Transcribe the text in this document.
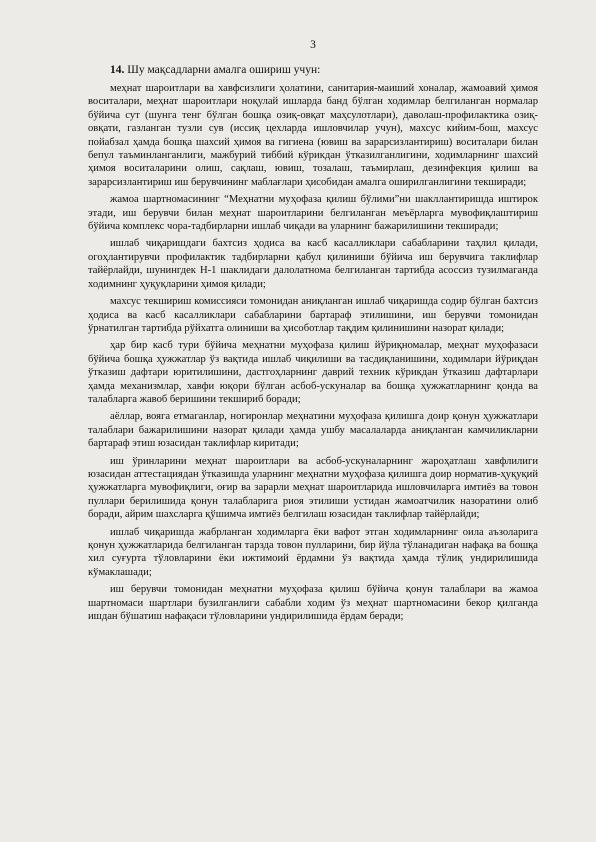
3

14. Шу мақсадларни амалга ошириш учун:

меҳнат шароитлари ва хавфсизлиги ҳолатини, санитария-маиший хоналар, жамоавий ҳимоя воситалари, меҳнат шароитлари ноқулай ишларда банд бўлган ходимлар белгиланган нормалар бўйича сут (шунга тенг бўлган бошқа озиқ-овқат маҳсулотлари), даволаш-профилактика озиқ-овқати, газланган тузли сув (иссиқ цехларда ишловчилар учун), махсус кийим-бош, махсус пойабзал ҳамда бошқа шахсий ҳимоя ва гигиена (ювиш ва зарарсизлантириш) воситалари билан бепул таъминланганлиги, мажбурий тиббий кўрикдан ўтказилганлигини, ходимларнинг шахсий ҳимоя воситаларини олиш, сақлаш, ювиш, тозалаш, таъмирлаш, дезинфекция қилиш ва зарарсизлантириш иш берувчининг маблағлари ҳисобидан амалга оширилганлигини текширади;

жамоа шартномасининг “Меҳнатни муҳофаза қилиш бўлими”ни шакллантиришда иштирок этади, иш берувчи билан меҳнат шароитларини белгиланган меъёрларга мувофиқлаштириш бўйича комплекс чора-тадбирларни ишлаб чиқади ва уларнинг бажарилишини текширади;

ишлаб чиқаришдаги бахтсиз ҳодиса ва касб касалликлари сабабларини таҳлил қилади, огоҳлантирувчи профилактик тадбирларни қабул қилиниши бўйича иш берувчига таклифлар тайёрлайди, шунингдек Н-1 шаклидаги далолатнома белгиланган тартибда асоссиз тузилмаганда ходимнинг ҳуқуқларини ҳимоя қилади;

махсус текшириш комиссияси томонидан аниқланган ишлаб чиқаришда содир бўлган бахтсиз ҳодиса ва касб касалликлари сабабларини бартараф этилишини, иш берувчи томонидан ўрнатилган тартибда рўйхатга олиниши ва ҳисоботлар тақдим қилинишини назорат қилади;

ҳар бир касб тури бўйича меҳнатни муҳофаза қилиш йўриқномалар, меҳнат муҳофазаси бўйича бошқа ҳужжатлар ўз вақтида ишлаб чиқилиши ва тасдиқланишини, ходимлари йўриқдан ўтказиш дафтари юритилишини, дастгоҳларнинг даврий техник кўрикдан ўтказиш дафтарлари ҳамда механизмлар, хавфи юқори бўлган асбоб-ускуналар ва бошқа ҳужжатларнинг қонда ва талабларга жавоб беришини текшириб боради;

аёллар, вояга етмаганлар, ногиронлар меҳнатини муҳофаза қилишга доир қонун ҳужжатлари талаблари бажарилишини назорат қилади ҳамда ушбу масалаларда аниқланган камчиликларни бартараф этиш юзасидан таклифлар киритади;

иш ўринларини меҳнат шароитлари ва асбоб-ускуналарнинг жароҳатлаш хавфлилиги юзасидан аттестациядан ўтказишда уларнинг меҳнатни муҳофаза қилишга доир норматив-ҳуқуқий ҳужжатларга мувофиқлиги, оғир ва зарарли меҳнат шароитларида ишловчиларга имтиёз ва товон пуллари берилишида қонун талабларига риоя этилиши устидан жамоатчилик назоратини олиб боради, айрим шахсларга қўшимча имтиёз белгилаш юзасидан таклифлар тайёрлайди;

ишлаб чиқаришда жабрланган ходимларга ёки вафот этган ходимларнинг оила аъзоларига қонун ҳужжатларида белгиланган тарзда товон пулларини, бир йўла тўланадиган нафақа ва бошқа хил суғурта тўловларини ёки ижтимоий ёрдамни ўз вақтида ҳамда тўлиқ ундирилишида кўмаклашади;

иш берувчи томонидан меҳнатни муҳофаза қилиш бўйича қонун талаблари ва жамоа шартномаси шартлари бузилганлиги сабабли ходим ўз меҳнат шартномасини бекор қилганда ишдан бўшатиш нафақаси тўловларини ундирилишида ёрдам беради;
